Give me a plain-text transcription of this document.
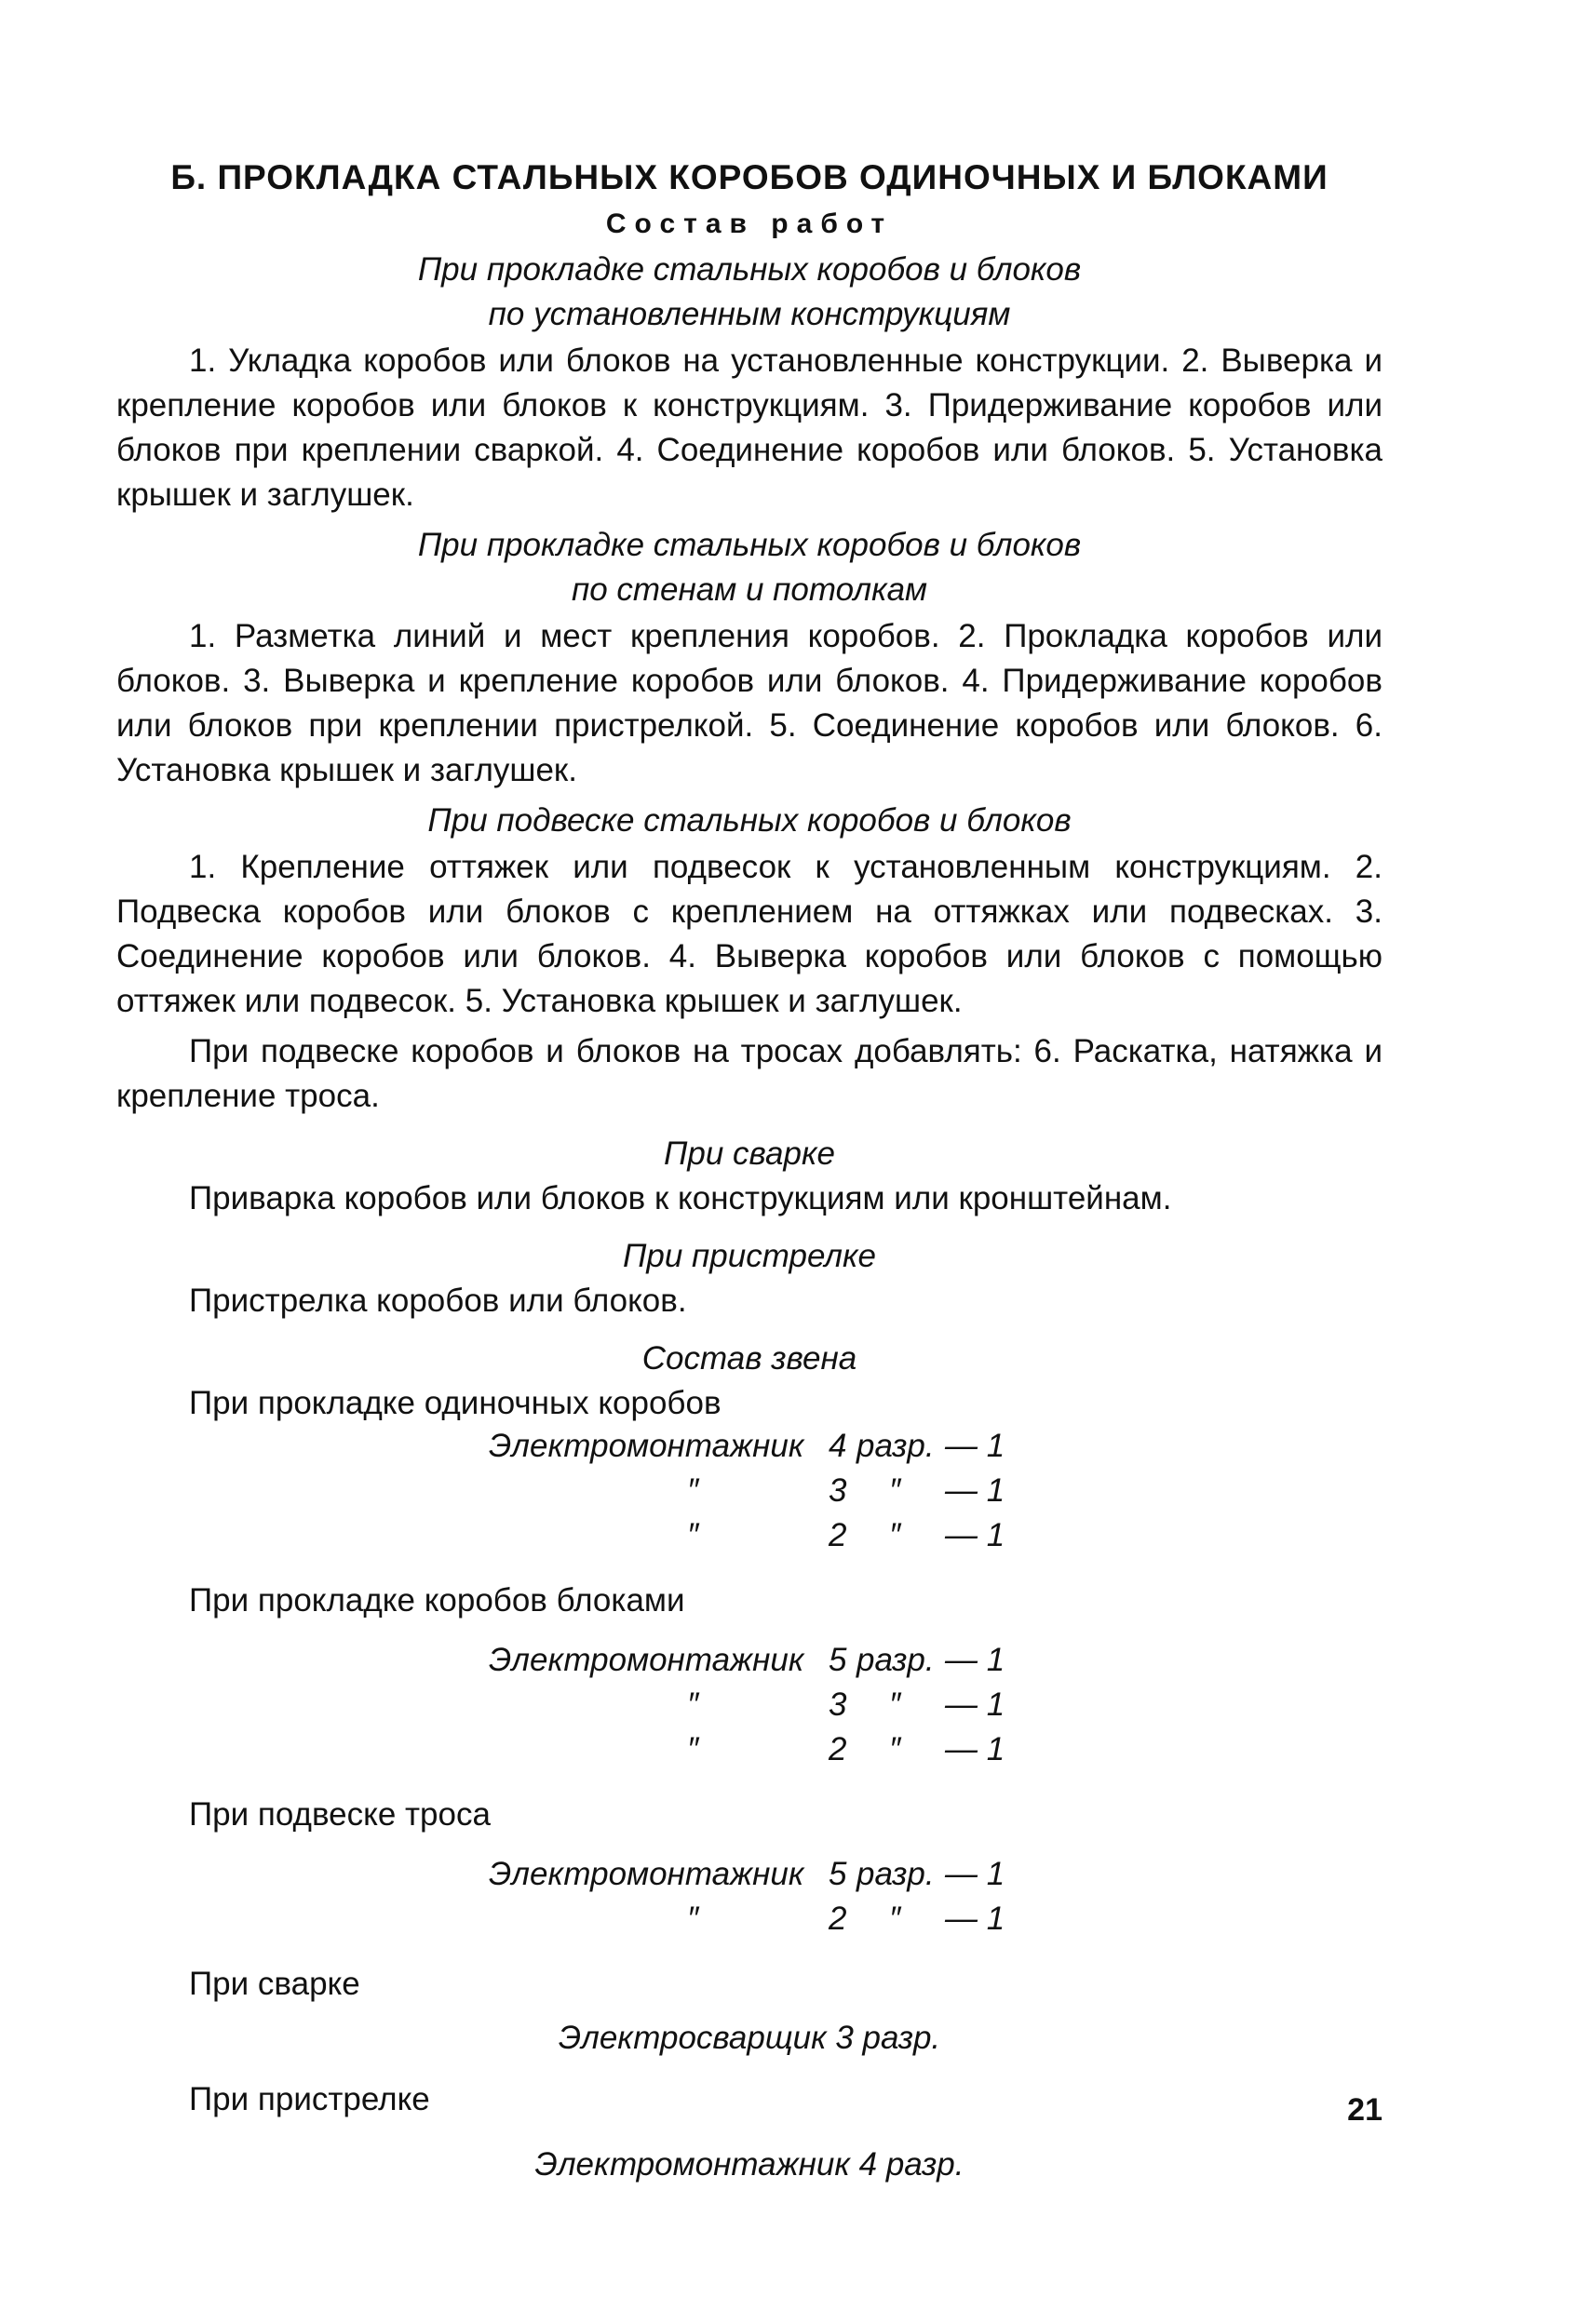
Б. ПРОКЛАДКА СТАЛЬНЫХ КОРОБОВ ОДИНОЧНЫХ И БЛОКАМИ
Состав работ
При прокладке стальных коробов и блоков
по установленным конструкциям
1. Укладка коробов или блоков на установленные конструкции. 2. Выверка и крепление коробов или блоков к конструкциям. 3. Придерживание коробов или блоков при креплении сваркой. 4. Соединение коробов или блоков. 5. Установка крышек и заглушек.
При прокладке стальных коробов и блоков
по стенам и потолкам
1. Разметка линий и мест крепления коробов. 2. Прокладка коробов или блоков. 3. Выверка и крепление коробов или блоков. 4. Придерживание коробов или блоков при креплении пристрелкой. 5. Соединение коробов или блоков. 6. Установка крышек и заглушек.
При подвеске стальных коробов и блоков
1. Крепление оттяжек или подвесок к установленным конструкциям. 2. Подвеска коробов или блоков с креплением на оттяжках или подвесках. 3. Соединение коробов или блоков. 4. Выверка коробов или блоков с помощью оттяжек или подвесок. 5. Установка крышек и заглушек.
При подвеске коробов и блоков на тросах добавлять: 6. Раскатка, натяжка и крепление троса.
При сварке
Приварка коробов или блоков к конструкциям или кронштейнам.
При пристрелке
Пристрелка коробов или блоков.
Состав звена
При прокладке одиночных коробов
Электромонтажник 4 разр. — 1
″	3 ″ — 1
″	2 ″ — 1
При прокладке коробов блоками
Электромонтажник 5 разр. — 1
″	3 ″ — 1
″	2 ″ — 1
При подвеске троса
Электромонтажник 5 разр. — 1
″	2 ″ — 1
При сварке
Электросварщик 3 разр.
При пристрелке
Электромонтажник 4 разр.
21
